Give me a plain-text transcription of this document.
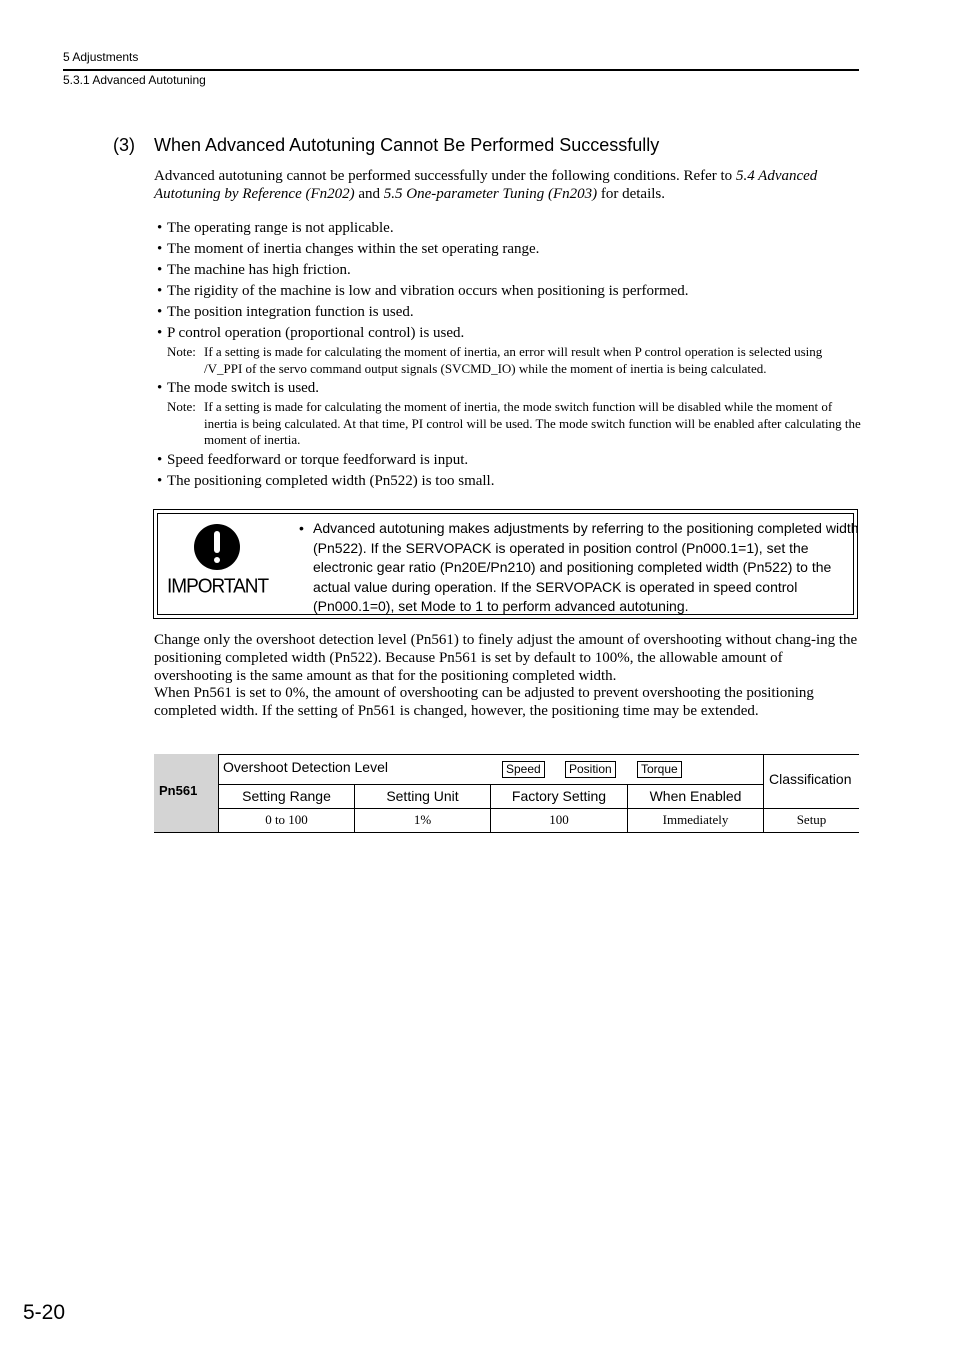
5 Adjustments
5.3.1 Advanced Autotuning
(3) When Advanced Autotuning Cannot Be Performed Successfully
Advanced autotuning cannot be performed successfully under the following conditions. Refer to 5.4 Advanced Autotuning by Reference (Fn202) and 5.5 One-parameter Tuning (Fn203) for details.
• The operating range is not applicable.
• The moment of inertia changes within the set operating range.
• The machine has high friction.
• The rigidity of the machine is low and vibration occurs when positioning is performed.
• The position integration function is used.
• P control operation (proportional control) is used.
Note: If a setting is made for calculating the moment of inertia, an error will result when P control operation is selected using /V_PPI of the servo command output signals (SVCMD_IO) while the moment of inertia is being calculated.
• The mode switch is used.
Note: If a setting is made for calculating the moment of inertia, the mode switch function will be disabled while the moment of inertia is being calculated. At that time, PI control will be used. The mode switch function will be enabled after calculating the moment of inertia.
• Speed feedforward or torque feedforward is input.
• The positioning completed width (Pn522) is too small.
IMPORTANT
• Advanced autotuning makes adjustments by referring to the positioning completed width (Pn522). If the SERVOPACK is operated in position control (Pn000.1=1), set the electronic gear ratio (Pn20E/Pn210) and positioning completed width (Pn522) to the actual value during operation. If the SERVOPACK is operated in speed control (Pn000.1=0), set Mode to 1 to perform advanced autotuning.
Change only the overshoot detection level (Pn561) to finely adjust the amount of overshooting without chang-ing the positioning completed width (Pn522). Because Pn561 is set by default to 100%, the allowable amount of overshooting is the same amount as that for the positioning completed width.
When Pn561 is set to 0%, the amount of overshooting can be adjusted to prevent overshooting the positioning completed width. If the setting of Pn561 is changed, however, the positioning time may be extended.
Pn561
Overshoot Detection Level	Speed	Position	Torque
Classification
Setting Range	Setting Unit	Factory Setting	When Enabled
0 to 100	1%	100	Immediately	Setup
5-20
